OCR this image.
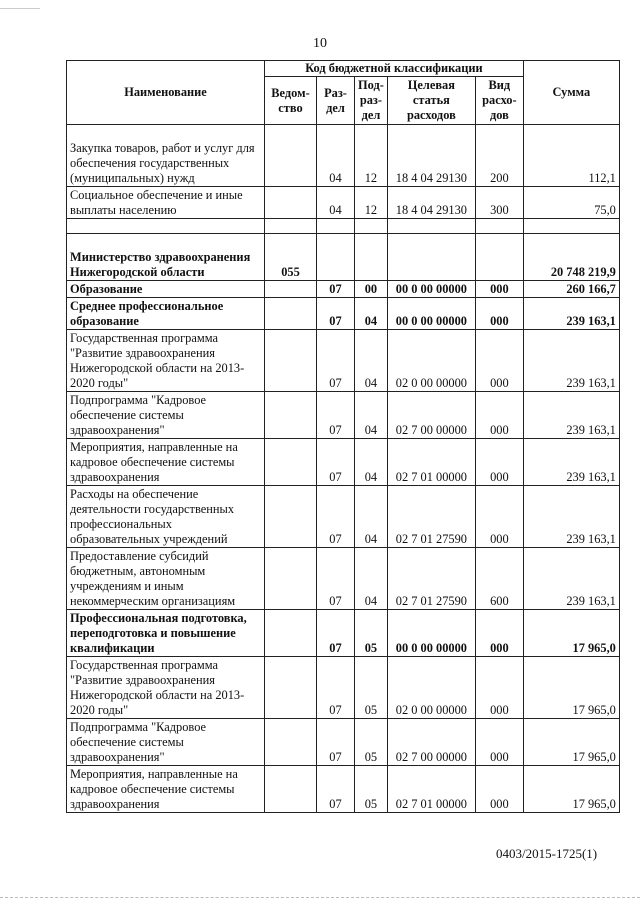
10
Наименование	Код бюджетной классификации					Сумма
	Ведом-ство	Раз-дел	Под-раз-дел	Целевая статья расходов	Вид расхо-дов	
Закупка товаров, работ и услуг для обеспечения государственных (муниципальных) нужд		04	12	18 4 04 29130	200	112,1
Социальное обеспечение и иные выплаты населению		04	12	18 4 04 29130	300	75,0

Министерство здравоохранения Нижегородской области	055					20 748 219,9
Образование		07	00	00 0 00 00000	000	260 166,7
Среднее профессиональное образование		07	04	00 0 00 00000	000	239 163,1
Государственная программа "Развитие здравоохранения Нижегородской области на 2013-2020 годы"		07	04	02 0 00 00000	000	239 163,1
Подпрограмма "Кадровое обеспечение системы здравоохранения"		07	04	02 7 00 00000	000	239 163,1
Мероприятия, направленные на кадровое обеспечение системы здравоохранения		07	04	02 7 01 00000	000	239 163,1
Расходы на обеспечение деятельности государственных профессиональных образовательных учреждений		07	04	02 7 01 27590	000	239 163,1
Предоставление субсидий бюджетным, автономным учреждениям и иным некоммерческим организациям		07	04	02 7 01 27590	600	239 163,1
Профессиональная подготовка, переподготовка и повышение квалификации		07	05	00 0 00 00000	000	17 965,0
Государственная программа "Развитие здравоохранения Нижегородской области на 2013-2020 годы"		07	05	02 0 00 00000	000	17 965,0
Подпрограмма "Кадровое обеспечение системы здравоохранения"		07	05	02 7 00 00000	000	17 965,0
Мероприятия, направленные на кадровое обеспечение системы здравоохранения		07	05	02 7 01 00000	000	17 965,0
0403/2015-1725(1)
